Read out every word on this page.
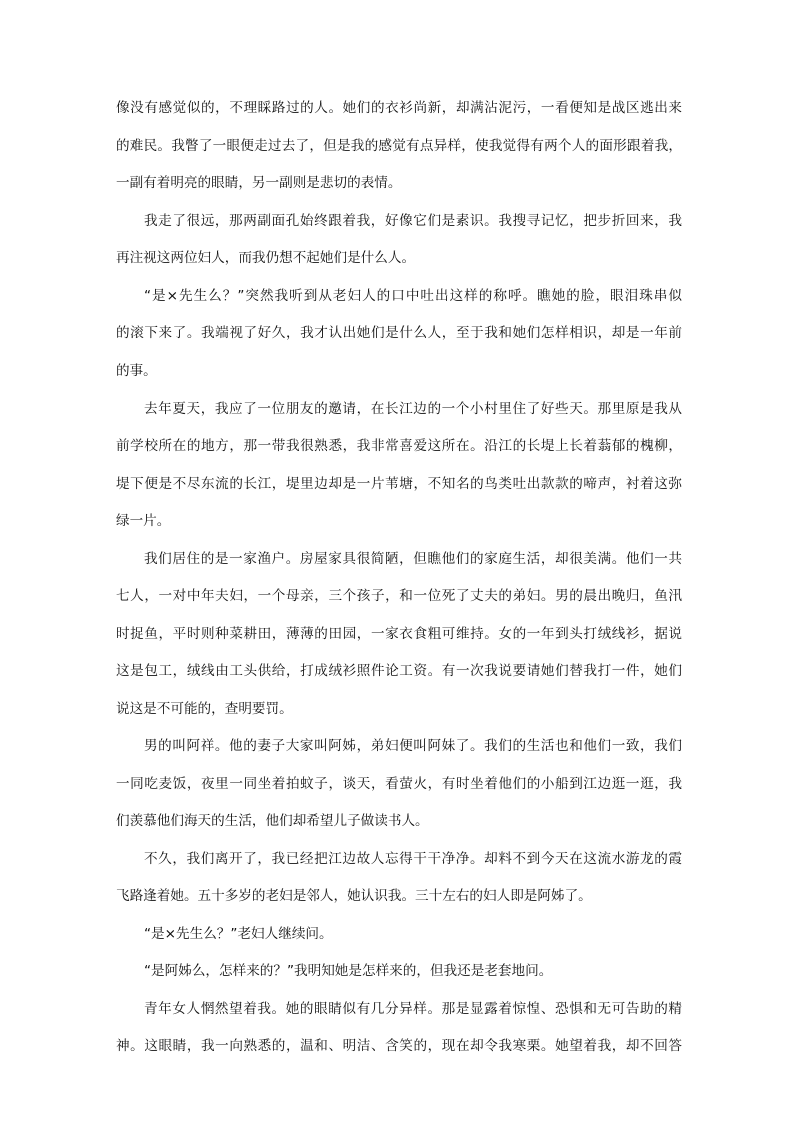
像没有感觉似的，不理睬路过的人。她们的衣衫尚新，却满沾泥污，一看便知是战区逃出来
的难民。我瞥了一眼便走过去了，但是我的感觉有点异样，使我觉得有两个人的面形跟着我，
一副有着明亮的眼睛，另一副则是悲切的表情。
我走了很远，那两副面孔始终跟着我，好像它们是素识。我搜寻记忆，把步折回来，我
再注视这两位妇人，而我仍想不起她们是什么人。
“是×先生么？”突然我听到从老妇人的口中吐出这样的称呼。瞧她的脸，眼泪珠串似
的滚下来了。我端视了好久，我才认出她们是什么人，至于我和她们怎样相识，却是一年前
的事。
去年夏天，我应了一位朋友的邀请，在长江边的一个小村里住了好些天。那里原是我从
前学校所在的地方，那一带我很熟悉，我非常喜爱这所在。沿江的长堤上长着蓊郁的槐柳，
堤下便是不尽东流的长江，堤里边却是一片苇塘，不知名的鸟类吐出款款的啼声，衬着这弥
绿一片。
我们居住的是一家渔户。房屋家具很简陋，但瞧他们的家庭生活，却很美满。他们一共
七人，一对中年夫妇，一个母亲，三个孩子，和一位死了丈夫的弟妇。男的晨出晚归，鱼汛
时捉鱼，平时则种菜耕田，薄薄的田园，一家衣食粗可维持。女的一年到头打绒线衫，据说
这是包工，绒线由工头供给，打成绒衫照件论工资。有一次我说要请她们替我打一件，她们
说这是不可能的，查明要罚。
男的叫阿祥。他的妻子大家叫阿姊，弟妇便叫阿妹了。我们的生活也和他们一致，我们
一同吃麦饭，夜里一同坐着拍蚊子，谈天，看萤火，有时坐着他们的小船到江边逛一逛，我
们羡慕他们海天的生活，他们却希望儿子做读书人。
不久，我们离开了，我已经把江边故人忘得干干净净。却料不到今天在这流水游龙的霞
飞路逢着她。五十多岁的老妇是邻人，她认识我。三十左右的妇人即是阿姊了。
“是×先生么？”老妇人继续问。
“是阿姊么，怎样来的？”我明知她是怎样来的，但我还是老套地问。
青年女人惘然望着我。她的眼睛似有几分异样。那是显露着惊惶、恐惧和无可告助的精
神。这眼睛，我一向熟悉的，温和、明洁、含笑的，现在却令我寒栗。她望着我，却不回答
